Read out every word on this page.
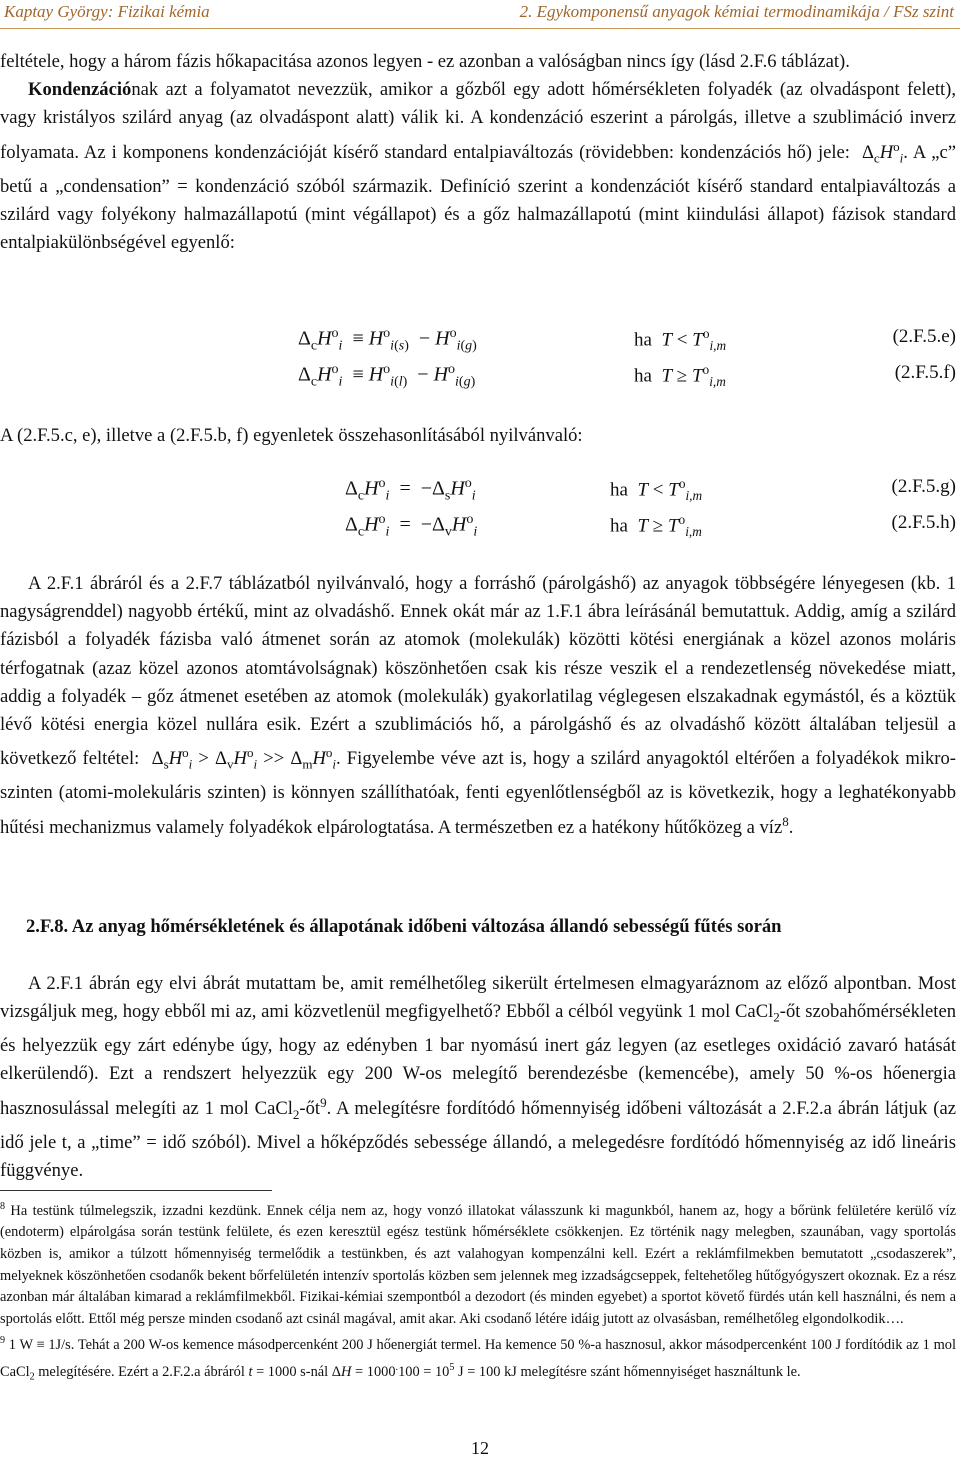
Kaptay György: Fizikai kémia	2. Egykomponensű anyagok kémiai termodinamikája / FSz szint

feltétele, hogy a három fázis hőkapacitása azonos legyen - ez azonban a valóságban nincs így (lásd 2.F.6 táblázat).

Kondenzációnak azt a folyamatot nevezzük, amikor a gőzből egy adott hőmérsékleten folyadék (az olvadáspont felett), vagy kristályos szilárd anyag (az olvadáspont alatt) válik ki. A kondenzáció eszerint a párolgás, illetve a szublimáció inverz folyamata. Az i komponens kondenzációját kísérő standard entalpiaváltozás (rövidebben: kondenzációs hő) jele: $\Delta_cH^o_i$. A „c” betű a „condensation” = kondenzáció szóból származik. Definíció szerint a kondenzációt kísérő standard entalpiaváltozás a szilárd vagy folyékony halmazállapotú (mint végállapot) és a gőz halmazállapotú (mint kiindulási állapot) fázisok standard entalpiakülönbségével egyenlő:

$\Delta_cH^o_i \equiv H^o_{i(s)} - H^o_{i(g)}$	ha $T < T^o_{i,m}$	(2.F.5.e)
$\Delta_cH^o_i \equiv H^o_{i(l)} - H^o_{i(g)}$	ha $T \ge T^o_{i,m}$	(2.F.5.f)

A (2.F.5.c, e), illetve a (2.F.5.b, f) egyenletek összehasonlításából nyilvánvaló:

$\Delta_cH^o_i = -\Delta_sH^o_i$	ha $T < T^o_{i,m}$	(2.F.5.g)
$\Delta_cH^o_i = -\Delta_vH^o_i$	ha $T \ge T^o_{i,m}$	(2.F.5.h)

A 2.F.1 ábráról és a 2.F.7 táblázatból nyilvánvaló, hogy a forráshő (párolgáshő) az anyagok többségére lényegesen (kb. 1 nagyságrenddel) nagyobb értékű, mint az olvadáshő. Ennek okát már az 1.F.1 ábra leírásánál bemutattuk. Addig, amíg a szilárd fázisból a folyadék fázisba való átmenet során az atomok (molekulák) közötti kötési energiának a közel azonos moláris térfogatnak (azaz közel azonos atomtávolságnak) köszönhetően csak kis része veszik el a rendezetlenség növekedése miatt, addig a folyadék – gőz átmenet esetében az atomok (molekulák) gyakorlatilag véglegesen elszakadnak egymástól, és a köztük lévő kötési energia közel nullára esik. Ezért a szublimációs hő, a párolgáshő és az olvadáshő között általában teljesül a következő feltétel: $\Delta_sH^o_i > \Delta_vH^o_i >> \Delta_mH^o_i$. Figyelembe véve azt is, hogy a szilárd anyagoktól eltérően a folyadékok mikro-szinten (atomi-molekuláris szinten) is könnyen szállíthatóak, fenti egyenlőtlenségből az is következik, hogy a leghatékonyabb hűtési mechanizmus valamely folyadékok elpárologtatása. A természetben ez a hatékony hűtőközeg a víz$^8$.

2.F.8. Az anyag hőmérsékletének és állapotának időbeni változása állandó sebességű fűtés során

A 2.F.1 ábrán egy elvi ábrát mutattam be, amit remélhetőleg sikerült értelmesen elmagyaráznom az előző alpontban. Most vizsgáljuk meg, hogy ebből mi az, ami közvetlenül megfigyelhető? Ebből a célból vegyünk 1 mol CaCl$_2$-őt szobahőmérsékleten és helyezzük egy zárt edénybe úgy, hogy az edényben 1 bar nyomású inert gáz legyen (az esetleges oxidáció zavaró hatását elkerülendő). Ezt a rendszert helyezzük egy 200 W-os melegítő berendezésbe (kemencébe), amely 50 %-os hőenergia hasznosulással melegíti az 1 mol $CaCl_2-őt^9$. A melegítésre fordítódó hőmennyiség időbeni változását a 2.F.2.a ábrán látjuk (az idő jele t, a „time” = idő szóból). Mivel a hőképződés sebessége állandó, a melegedésre fordítódó hőmennyiség az idő lineáris függvénye.

$^8$ Ha testünk túlmelegszik, izzadni kezdünk. Ennek célja nem az, hogy vonzó illatokat válasszunk ki magunkból, hanem az, hogy a bőrünk felületére kerülő víz (endoterm) elpárolgása során testünk felülete, és ezen keresztül egész testünk hőmérséklete csökkenjen. Ez történik nagy melegben, szaunában, vagy sportolás közben is, amikor a túlzott hőmennyiség termelődik a testünkben, és azt valahogyan kompenzálni kell. Ezért a reklámfilmekben bemutatott „csodaszerek”, melyeknek köszönhetően csodanők bekent bőrfelületén intenzív sportolás közben sem jelennek meg izzadságcseppek, feltehetőleg hűtőgyógyszert okoznak. Ez a rész azonban már általában kimarad a reklámfilmekből. Fizikai-kémiai szempontból a dezodort (és minden egyebet) a sportot követő fürdés után kell használni, és nem a sportolás előtt. Ettől még persze minden csodanő azt csinál magával, amit akar. Aki csodanő létére idáig jutott az olvasásban, remélhetőleg elgondolkodik….

$^9$ 1 W ≡ 1J/s. Tehát a 200 W-os kemence másodpercenként 200 J hőenergiát termel. Ha kemence 50 %-a hasznosul, akkor másodpercenként 100 J fordítódik az 1 mol CaCl$_2$ melegítésére. Ezért a 2.F.2.a ábráról t = 1000 s-nál $\Delta H = 1000^.100 = 10^5$ J = 100 kJ melegítésre szánt hőmennyiséget használtunk le.

12
